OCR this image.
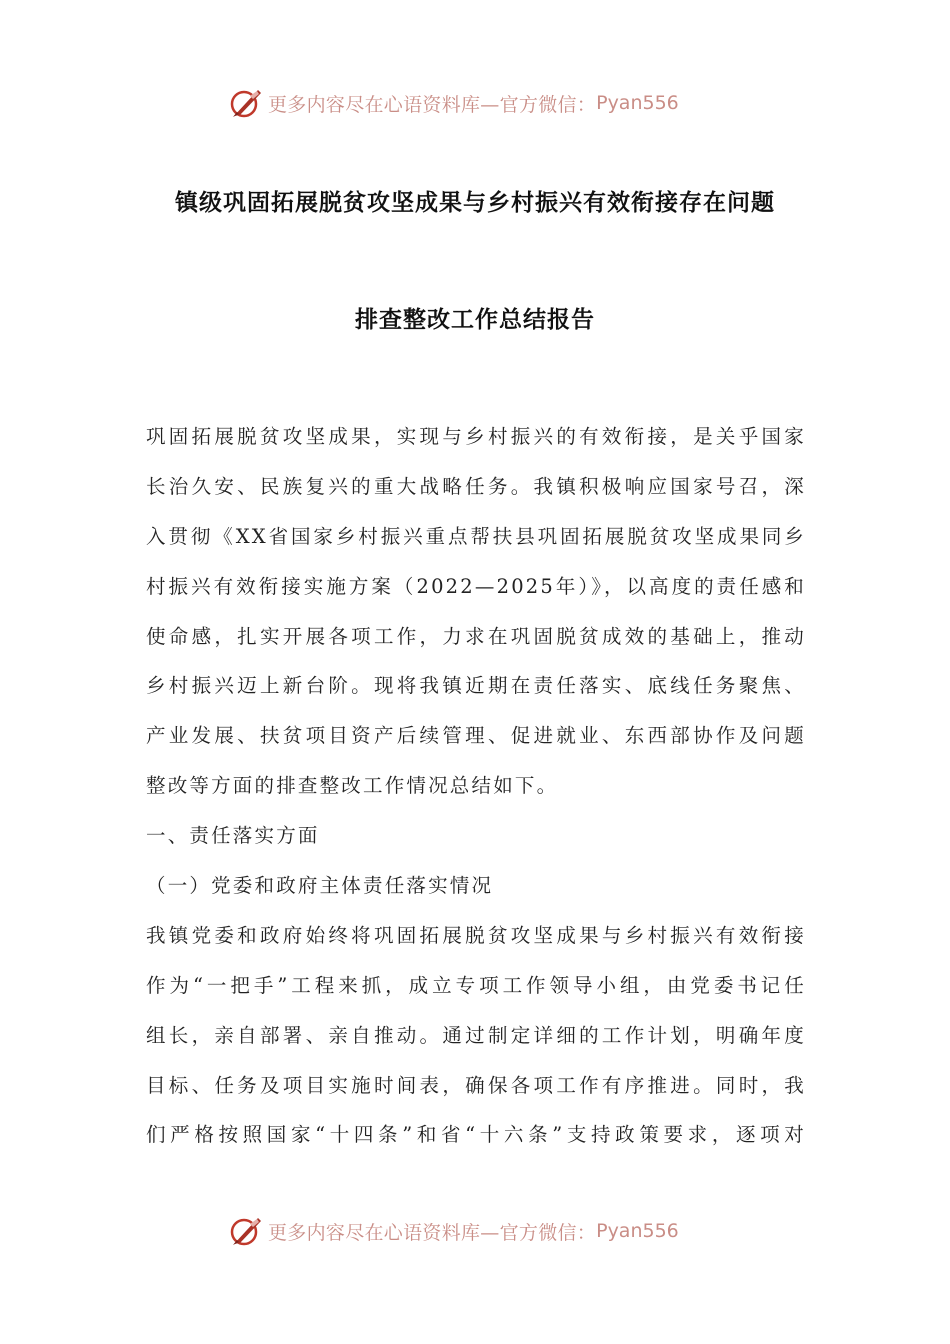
更多内容尽在心语资料库—官方微信： Pyan556
镇级巩固拓展脱贫攻坚成果与乡村振兴有效衔接存在问题
排查整改工作总结报告
巩固拓展脱贫攻坚成果，实现与乡村振兴的有效衔接，是关乎国家
长治久安、民族复兴的重大战略任务。我镇积极响应国家号召，深
入贯彻《XX省国家乡村振兴重点帮扶县巩固拓展脱贫攻坚成果同乡
村振兴有效衔接实施方案（2022—2025年）》，以高度的责任感和
使命感，扎实开展各项工作，力求在巩固脱贫成效的基础上，推动
乡村振兴迈上新台阶。现将我镇近期在责任落实、底线任务聚焦、
产业发展、扶贫项目资产后续管理、促进就业、东西部协作及问题
整改等方面的排查整改工作情况总结如下。
一、责任落实方面
（一）党委和政府主体责任落实情况
我镇党委和政府始终将巩固拓展脱贫攻坚成果与乡村振兴有效衔接
作为“一把手”工程来抓，成立专项工作领导小组，由党委书记任
组长，亲自部署、亲自推动。通过制定详细的工作计划，明确年度
目标、任务及项目实施时间表，确保各项工作有序推进。同时，我
们严格按照国家“十四条”和省“十六条”支持政策要求，逐项对
更多内容尽在心语资料库—官方微信： Pyan556
